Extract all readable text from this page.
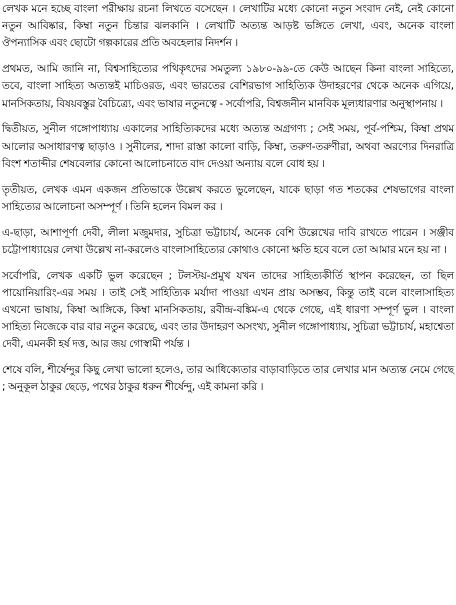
লেখক মনে হচ্ছে বাংলা পরীক্ষায় রচনা লিখতে বসেছেন । লেখাটির মধ্যে কোনো নতুন সংবাদ নেই, নেই কোনো নতুন আবিষ্কার, কিম্বা নতুন চিন্তার ঝলকানি । লেখাটি অত্যন্ত আড়ষ্ট ভঙ্গিতে লেখা, এবং, অনেক বাংলা ঔপন্যাসিক এবং ছোটো গল্পকারের প্রতি অবহেলার নিদর্শন ।

প্রথমত, আমি জানি না, বিশ্বসাহিত্যের পথিকৃৎদের সমতুল্য ১৯৮০-৯৯-তে কেউ আছেন কিনা বাংলা সাহিত্যে, তবে, বাংলা সাহিত্য অত্যন্তই মাচিওরড, এবং ভারতের বেশিরভাগ সাহিত্যিক উদাহরণের থেকে অনেক এগিয়ে, মানসিকতায়, বিষয়বস্তুর বৈচিত্র্যে, এবং ভাষার নতুনত্বে - সর্বোপরি, বিশ্বজনীন মানবিক মূল্যধারণার অনুস্থাপনায় ।

দ্বিতীয়ত, সুনীল গঙ্গোপাধ্যায় একালের সাহিত্যিকদের মধ্যে অত্যন্ত অগ্রগণ্য ; সেই সময়, পূর্ব-পশ্চিম, কিম্বা প্রথম আলোর অসাধারণত্ব ছাড়াও । সুনীলের, শাদা রাস্তা কালো বাড়ি, কিম্বা, তরুণ-তরুণীরা, অথবা অরণ্যের দিনরাত্রি বিংশ শতাব্দীর শেষবেলার কোনো আলোচনাতে বাদ দেওয়া অন্যায় বলে বোধ হয় ।

তৃতীয়ত, লেখক এমন একজন প্রতিভাকে উল্লেখ করতে ভুলেছেন, যাকে ছাড়া গত শতকের শেষভাগের বাংলা সাহিত্যের আলোচনা অসম্পূর্ণ । তিনি হলেন বিমল কর ।

এ-ছাড়া, আশাপূর্ণা দেবী, লীলা মজুমদার, সুচিত্রা ভট্টাচার্য, অনেক বেশি উল্লেখের দাবি রাখতে পারেন । সঞ্জীব চট্টোপাধ্যায়ের লেখা উল্লেখ না-করলেও বাংলাসাহিত্যের কোথাও কোনো ক্ষতি হবে বলে তো আমার মনে হয় না ।

সর্বোপরি, লেখক একটি ভুল করেছেন ; টলস্টয়-প্রমুখ যখন তাদের সাহিত্যকীর্তি স্থাপন করেছেন, তা ছিল পায়োনিয়ারিং-এর সময় । তাই সেই সাহিত্যিক মর্যাদা পাওয়া এখন প্রায় অসম্ভব, কিন্তু তাই বলে বাংলাসাহিত্য এখনো ভাষায়, কিম্বা আঙ্গিকে, কিম্বা মানসিকতায়, রবীন্দ্র-বঙ্কিম-এ থেকে গেছে, এই ধারণা সম্পূর্ণ ভুল । বাংলা সাহিত্য নিজেকে বার বার নতুন করেছে, এবং তার উদাহরণ অসংখ্য, সুনীল গঙ্গোপাধ্যায়, সুচিত্রা ভট্টাচার্য, মহাশ্বেতা দেবী, এমনকী হর্ষ দত্ত, আর জয় গোস্বামী পর্যন্ত ।

শেষে বলি, শীর্ষেন্দুর কিছু লেখা ভালো হলেও, তার আধিক্যেতার বাড়াবাড়িতে তার লেখার মান অত্যন্ত নেমে গেছে ; অনুকূল ঠাকুর ছেড়ে, পথের ঠাকুর ধরুন শীর্ষেন্দু, এই কামনা করি ।
